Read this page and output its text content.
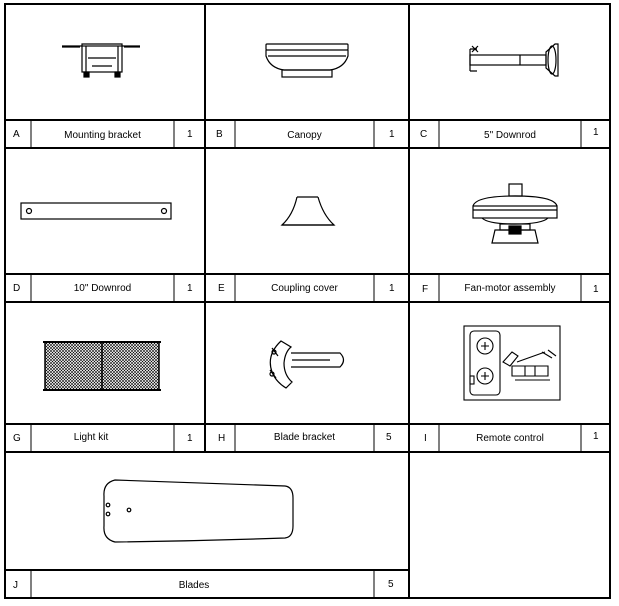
A	Mounting bracket	1 B	Canopy	1	C	5" Downrod	1
D	10" Downrod	1	E	Coupling cover	1	F	Fan-motor assembly	1
G	Light kit	1	H	Blade bracket	5	I	Remote control	1
J	Blades	5
